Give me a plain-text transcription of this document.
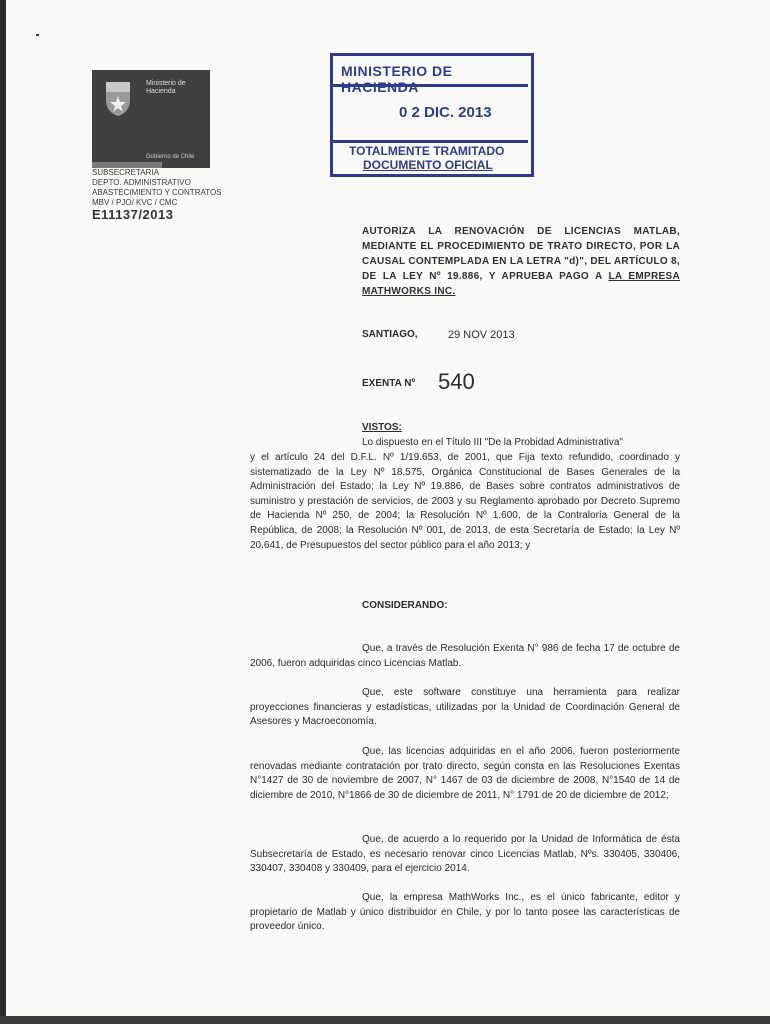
Ministerio de
Hacienda
Gobierno de Chile
SUBSECRETARIA
DEPTO. ADMINISTRATIVO
ABASTECIMIENTO Y CONTRATOS
MBV / PJO/ KVC / CMC
E11137/2013
MINISTERIO DE HACIENDA
0 2 DIC. 2013
TOTALMENTE TRAMITADO
DOCUMENTO OFICIAL
AUTORIZA LA RENOVACIÓN DE LICENCIAS MATLAB, MEDIANTE EL PROCEDIMIENTO DE TRATO DIRECTO, POR LA CAUSAL CONTEMPLADA EN LA LETRA "d)", DEL ARTÍCULO 8, DE LA LEY Nº 19.886, Y APRUEBA PAGO A LA EMPRESA MATHWORKS INC.
SANTIAGO,	29 NOV 2013
EXENTA Nº 540
VISTOS:
Lo dispuesto en el Título III "De la Probidad Administrativa"
y el artículo 24 del D.F.L. Nº 1/19.653, de 2001, que Fija texto refundido, coordinado y sistematizado de la Ley Nº 18.575, Orgánica Constitucional de Bases Generales de la Administración del Estado; la Ley Nº 19.886, de Bases sobre contratos administrativos de suministro y prestación de servicios, de 2003 y su Reglamento aprobado por Decreto Supremo de Hacienda Nº 250, de 2004; la Resolución Nº 1.600, de la Contraloría General de la República, de 2008; la Resolución Nº 001, de 2013, de esta Secretaría de Estado; la Ley Nº 20.641, de Presupuestos del sector público para el año 2013; y
CONSIDERANDO:
Que, a través de Resolución Exenta N° 986 de fecha 17 de octubre de 2006, fueron adquiridas cinco Licencias Matlab.
Que, este software constituye una herramienta para realizar proyecciones financieras y estadísticas, utilizadas por la Unidad de Coordinación General de Asesores y Macroeconomía.
Que, las licencias adquiridas en el año 2006, fueron posteriormente renovadas mediante contratación por trato directo, según consta en las Resoluciones Exentas N°1427 de 30 de noviembre de 2007, N° 1467 de 03 de diciembre de 2008, N°1540 de 14 de diciembre de 2010, N°1866 de 30 de diciembre de 2011, N° 1791 de 20 de diciembre de 2012;
Que, de acuerdo a lo requerido por la Unidad de Informática de ésta Subsecretaría de Estado, es necesario renovar cinco Licencias Matlab, Nºs. 330405, 330406, 330407, 330408 y 330409, para el ejercicio 2014.
Que, la empresa MathWorks Inc., es el único fabricante, editor y propietario de Matlab y único distribuidor en Chile, y por lo tanto posee las características de proveedor único.
